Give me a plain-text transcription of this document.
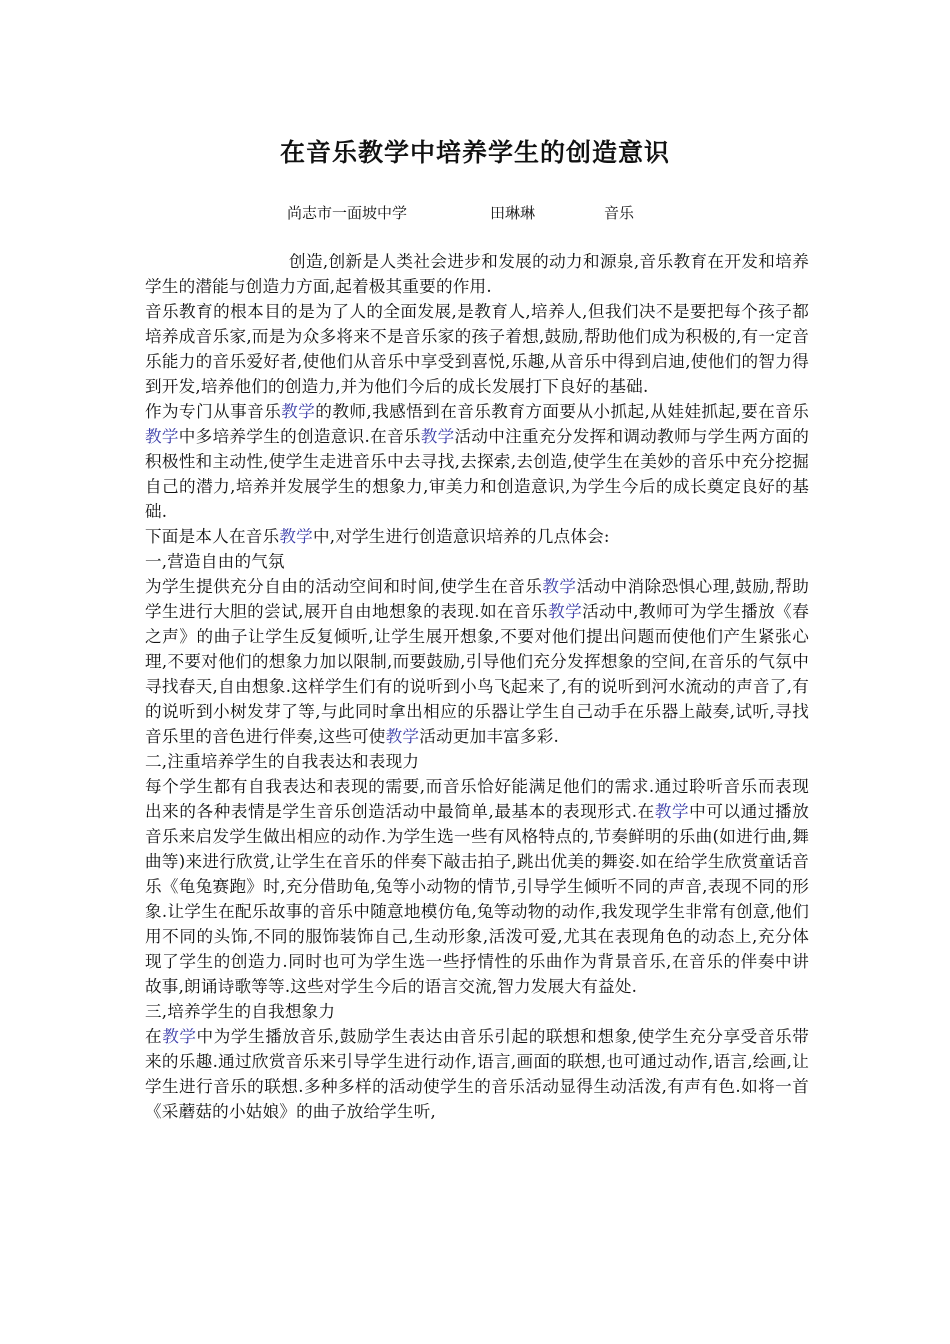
在音乐教学中培养学生的创造意识
尚志市一面坡中学	田琳琳	音乐

创造,创新是人类社会进步和发展的动力和源泉,音乐教育在开发和培养学生的潜能与创造力方面,起着极其重要的作用.

音乐教育的根本目的是为了人的全面发展,是教育人,培养人,但我们决不是要把每个孩子都培养成音乐家,而是为众多将来不是音乐家的孩子着想,鼓励,帮助他们成为积极的,有一定音乐能力的音乐爱好者,使他们从音乐中享受到喜悦,乐趣,从音乐中得到启迪,使他们的智力得到开发,培养他们的创造力,并为他们今后的成长发展打下良好的基础.

作为专门从事音乐教学的教师,我感悟到在音乐教育方面要从小抓起,从娃娃抓起,要在音乐教学中多培养学生的创造意识.在音乐教学活动中注重充分发挥和调动教师与学生两方面的积极性和主动性,使学生走进音乐中去寻找,去探索,去创造,使学生在美妙的音乐中充分挖掘自己的潜力,培养并发展学生的想象力,审美力和创造意识,为学生今后的成长奠定良好的基础.

下面是本人在音乐教学中,对学生进行创造意识培养的几点体会:

一,营造自由的气氛

为学生提供充分自由的活动空间和时间,使学生在音乐教学活动中消除恐惧心理,鼓励,帮助学生进行大胆的尝试,展开自由地想象的表现.如在音乐教学活动中,教师可为学生播放《春之声》的曲子让学生反复倾听,让学生展开想象,不要对他们提出问题而使他们产生紧张心理,不要对他们的想象力加以限制,而要鼓励,引导他们充分发挥想象的空间,在音乐的气氛中寻找春天,自由想象.这样学生们有的说听到小鸟飞起来了,有的说听到河水流动的声音了,有的说听到小树发芽了等,与此同时拿出相应的乐器让学生自己动手在乐器上敲奏,试听,寻找音乐里的音色进行伴奏,这些可使教学活动更加丰富多彩.

二,注重培养学生的自我表达和表现力

每个学生都有自我表达和表现的需要,而音乐恰好能满足他们的需求.通过聆听音乐而表现出来的各种表情是学生音乐创造活动中最简单,最基本的表现形式.在教学中可以通过播放音乐来启发学生做出相应的动作.为学生选一些有风格特点的,节奏鲜明的乐曲(如进行曲,舞曲等)来进行欣赏,让学生在音乐的伴奏下敲击拍子,跳出优美的舞姿.如在给学生欣赏童话音乐《龟兔赛跑》时,充分借助龟,兔等小动物的情节,引导学生倾听不同的声音,表现不同的形象.让学生在配乐故事的音乐中随意地模仿龟,兔等动物的动作,我发现学生非常有创意,他们用不同的头饰,不同的服饰装饰自己,生动形象,活泼可爱,尤其在表现角色的动态上,充分体现了学生的创造力.同时也可为学生选一些抒情性的乐曲作为背景音乐,在音乐的伴奏中讲故事,朗诵诗歌等等.这些对学生今后的语言交流,智力发展大有益处.

三,培养学生的自我想象力

在教学中为学生播放音乐,鼓励学生表达由音乐引起的联想和想象,使学生充分享受音乐带来的乐趣.通过欣赏音乐来引导学生进行动作,语言,画面的联想,也可通过动作,语言,绘画,让学生进行音乐的联想.多种多样的活动使学生的音乐活动显得生动活泼,有声有色.如将一首《采蘑菇的小姑娘》的曲子放给学生听,
